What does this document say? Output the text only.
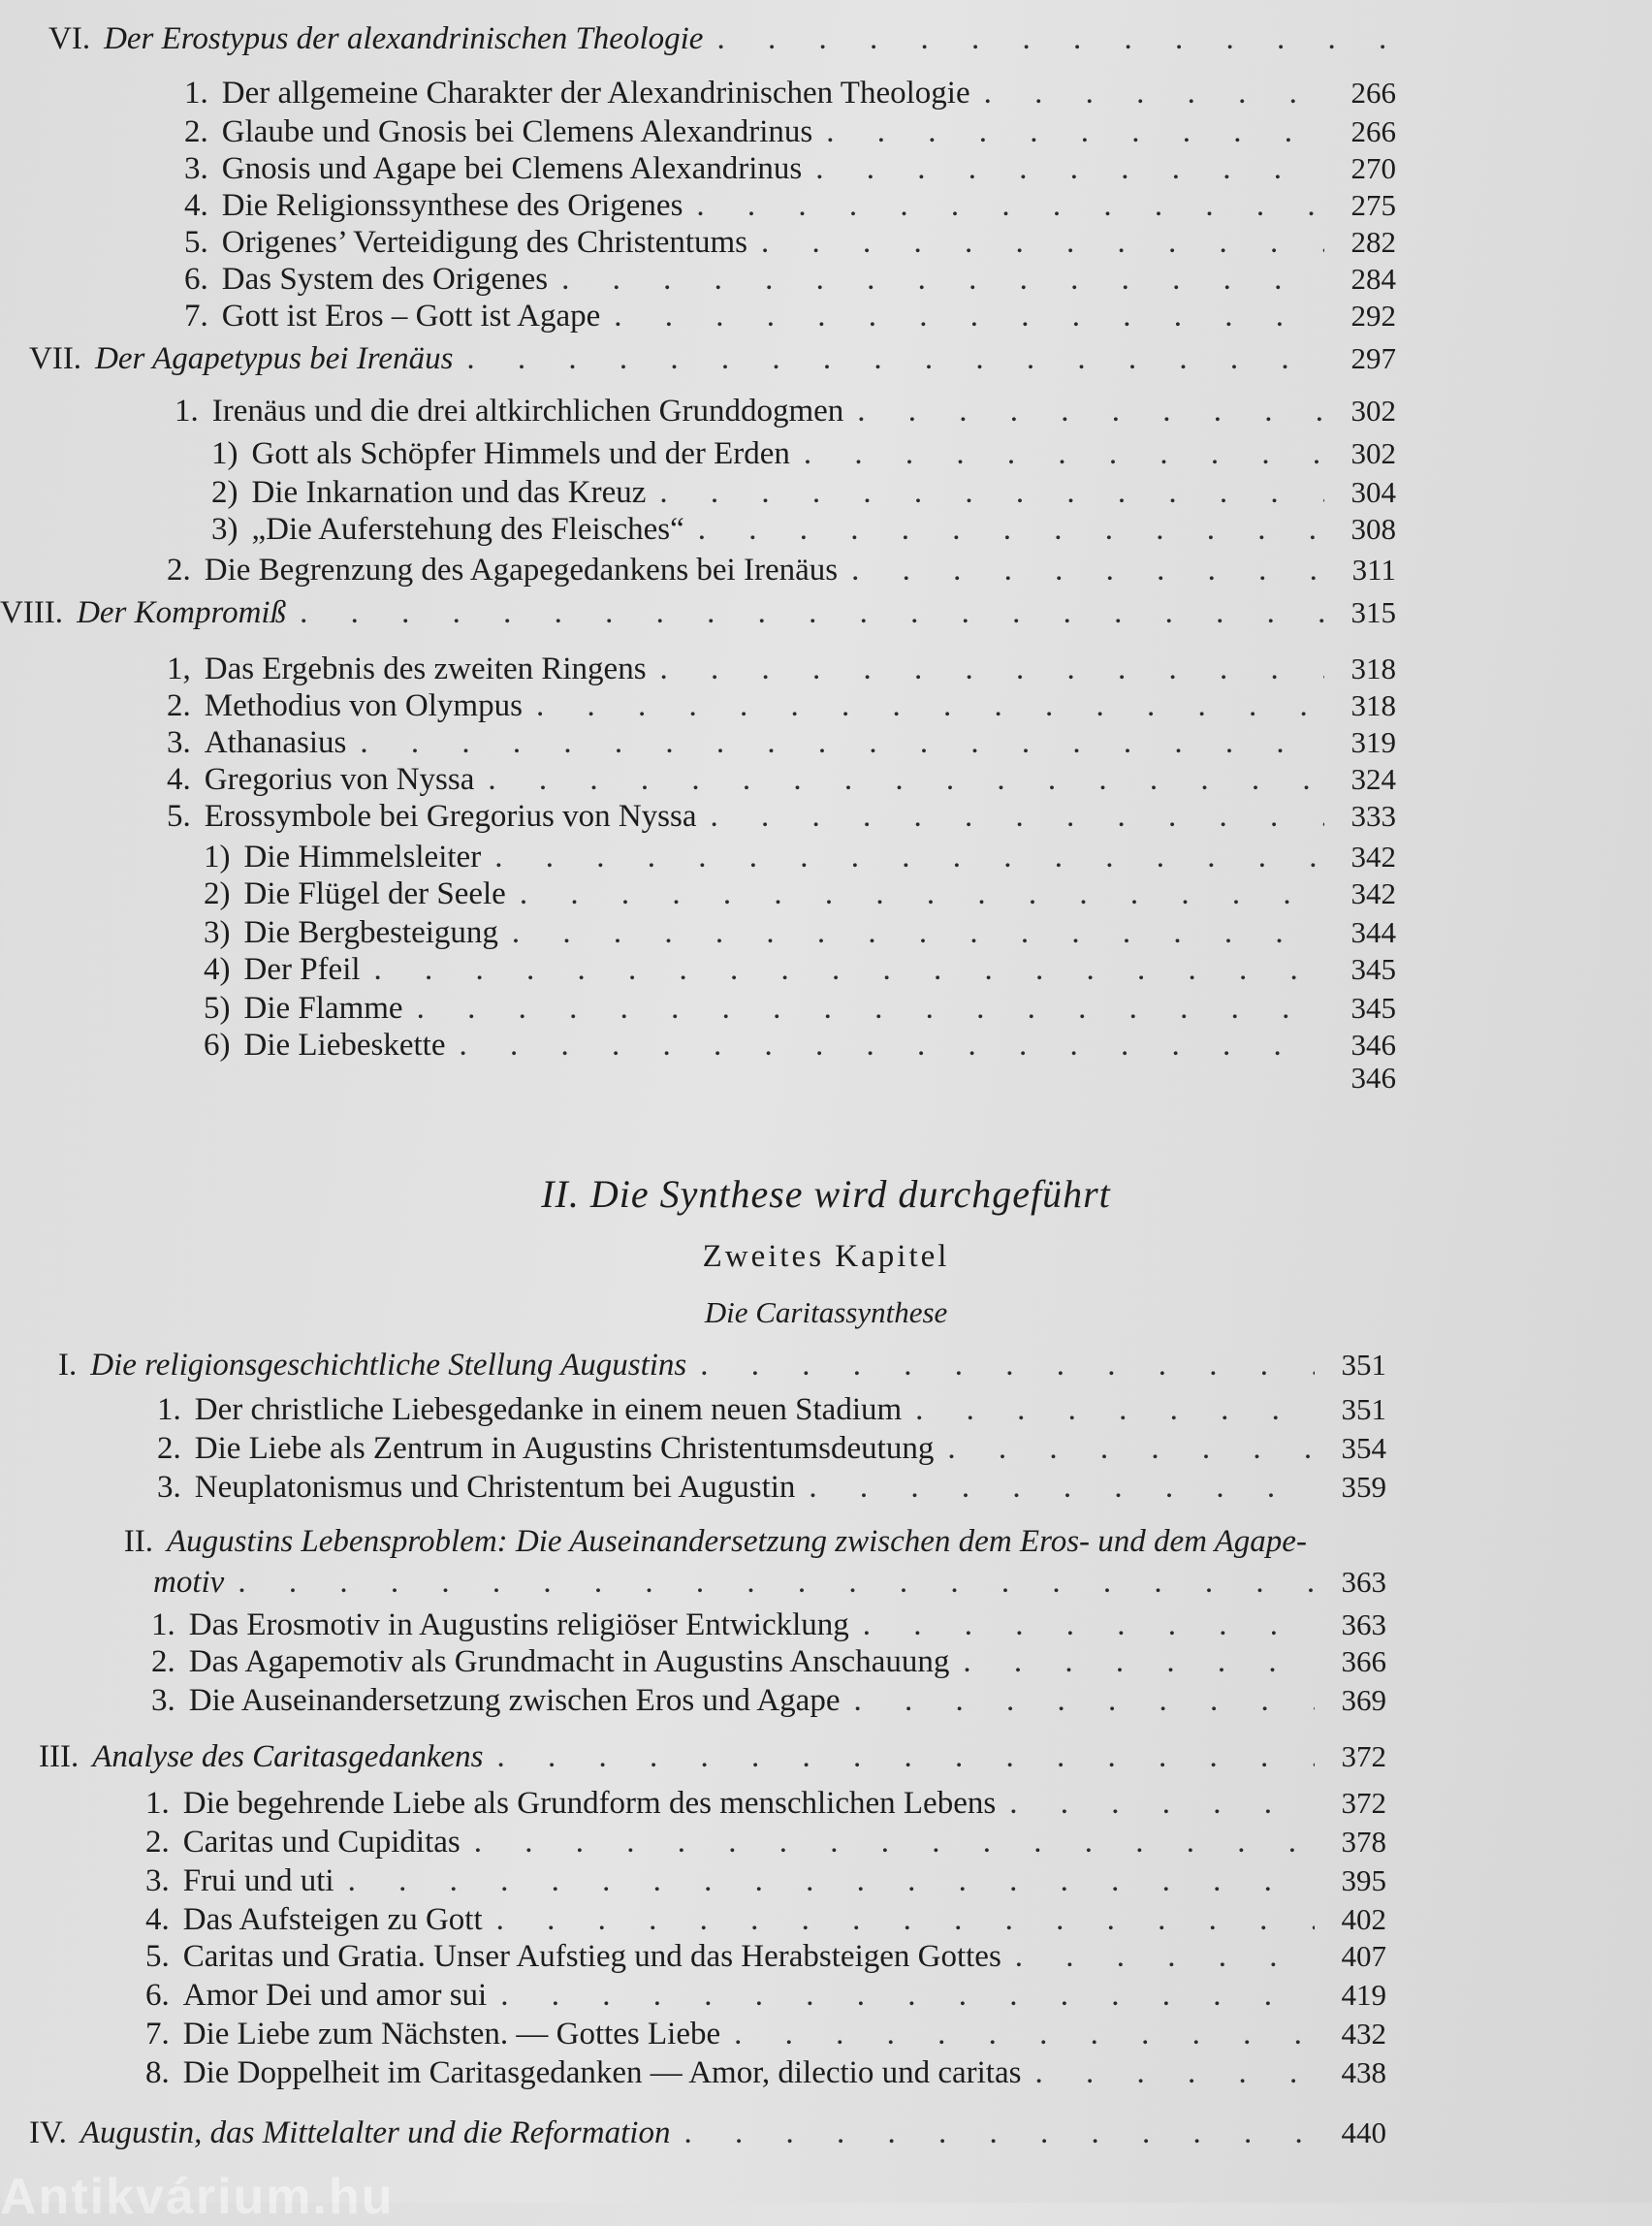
VI. Der Erostypus der alexandrinischen Theologie
. . .
1. Der allgemeine Charakter der Alexandrinischen Theologie . . .	266
2. Glaube und Gnosis bei Clemens Alexandrinus . . .	266
3. Gnosis und Agape bei Clemens Alexandrinus . . .	270
4. Die Religionssynthese des Origenes . . .	275
5. Origenes’ Verteidigung des Christentums . . .	282
6. Das System des Origenes . . .	284
7. Gott ist Eros – Gott ist Agape . . .	292
VII. Der Agapetypus bei Irenäus . . .	297
1. Irenäus und die drei altkirchlichen Grunddogmen . . .	302
1) Gott als Schöpfer Himmels und der Erden . . .	302
2) Die Inkarnation und das Kreuz . . .	304
3) „Die Auferstehung des Fleisches“ . . .	308
2. Die Begrenzung des Agapegedankens bei Irenäus . . .	311
VIII. Der Kompromiß . . .	315
1, Das Ergebnis des zweiten Ringens . . .	318
2. Methodius von Olympus . . .	318
3. Athanasius . . .	319
4. Gregorius von Nyssa . . .	324
5. Erossymbole bei Gregorius von Nyssa . . .	333
1) Die Himmelsleiter . . .	342
2) Die Flügel der Seele . . .	342
3) Die Bergbesteigung . . .	344
4) Der Pfeil . . .	345
5) Die Flamme . . .	345
6) Die Liebeskette . . .	346
346
II. Die Synthese wird durchgeführt
Zweites Kapitel
Die Caritassynthese
I. Die religionsgeschichtliche Stellung Augustins . . .	351
1. Der christliche Liebesgedanke in einem neuen Stadium . . .	351
2. Die Liebe als Zentrum in Augustins Christentumsdeutung . . .	354
3. Neuplatonismus und Christentum bei Augustin . . .	359
II. Augustins Lebensproblem: Die Auseinandersetzung zwischen dem Eros- und dem Agape-
motiv . . .	363
1. Das Erosmotiv in Augustins religiöser Entwicklung . . .	363
2. Das Agapemotiv als Grundmacht in Augustins Anschauung . . .	366
3. Die Auseinandersetzung zwischen Eros und Agape . . .	369
III. Analyse des Caritasgedankens . . .	372
1. Die begehrende Liebe als Grundform des menschlichen Lebens . . .	372
2. Caritas und Cupiditas . . .	378
3. Frui und uti . . .	395
4. Das Aufsteigen zu Gott . . .	402
5. Caritas und Gratia. Unser Aufstieg und das Herabsteigen Gottes . . .	407
6. Amor Dei und amor sui . . .	419
7. Die Liebe zum Nächsten. — Gottes Liebe . . .	432
8. Die Doppelheit im Caritasgedanken — Amor, dilectio und caritas . . .	438
IV. Augustin, das Mittelalter und die Reformation . . .	440
Antikvárium.hu
